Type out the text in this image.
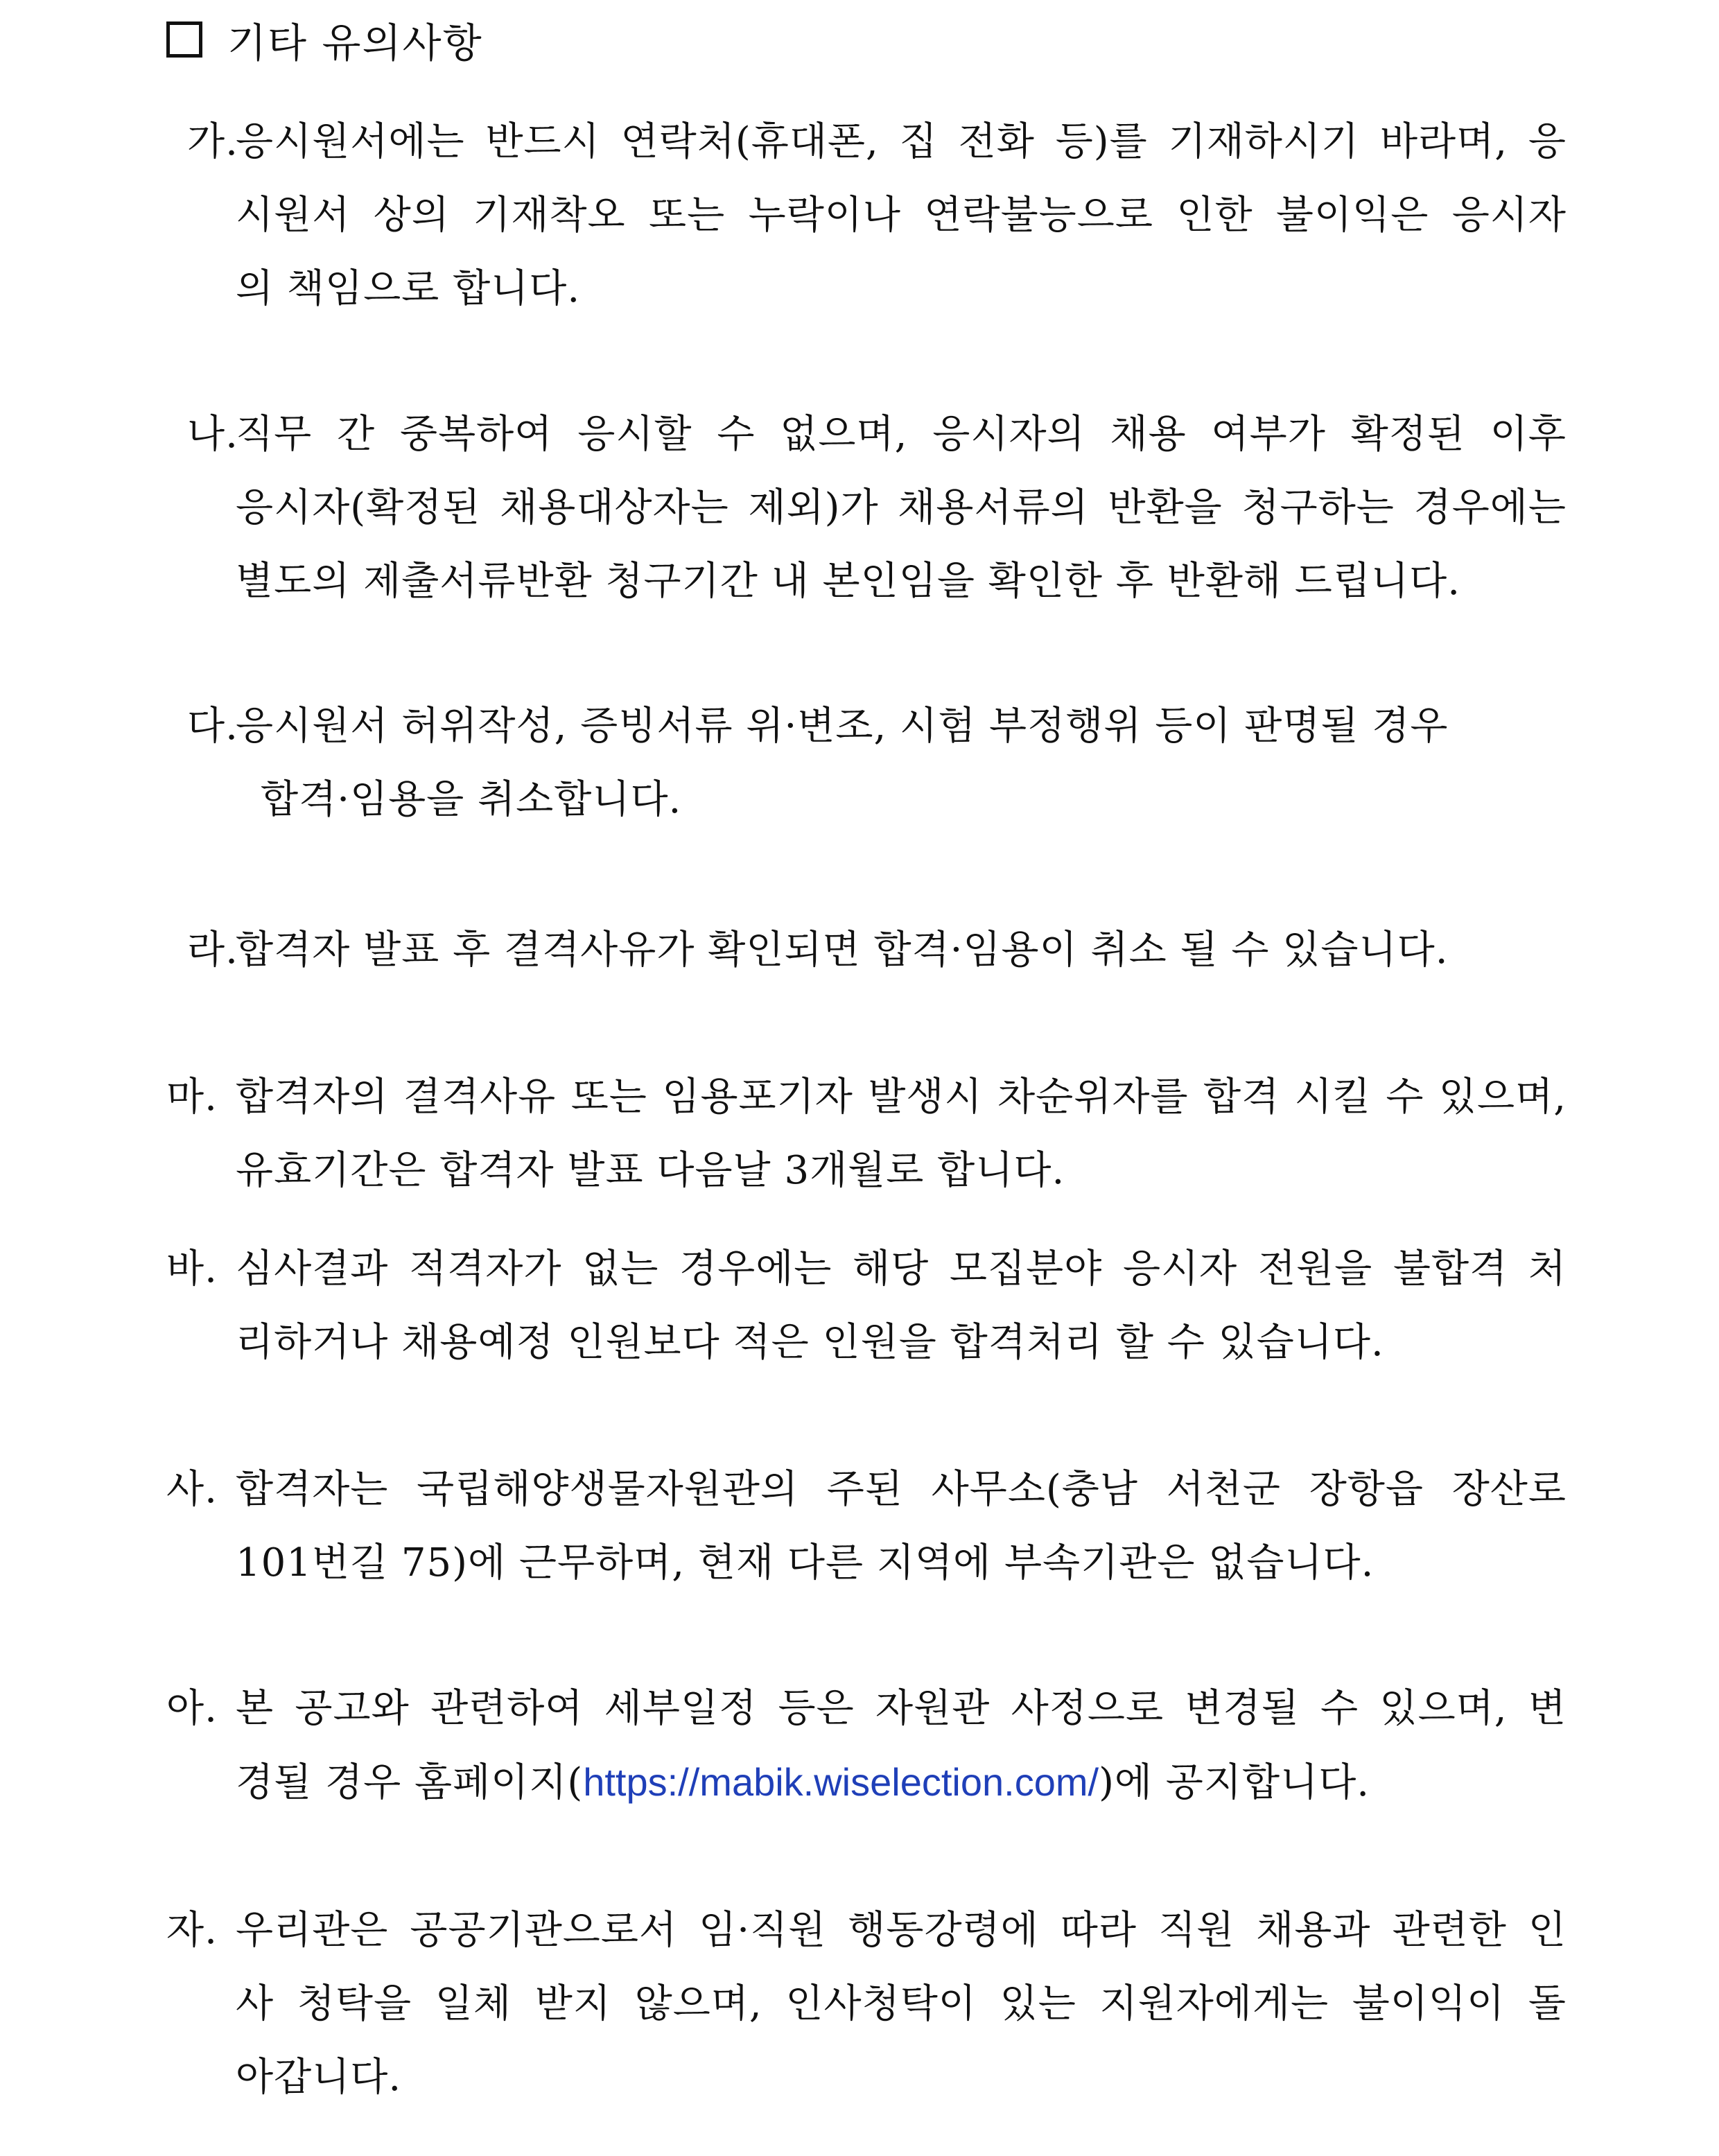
기타 유의사항
가.
응시원서에는 반드시 연락처(휴대폰, 집 전화 등)를 기재하시기 바라며, 응
시원서 상의 기재착오 또는 누락이나 연락불능으로 인한 불이익은 응시자
의 책임으로 합니다.
나.
직무 간 중복하여 응시할 수 없으며, 응시자의 채용 여부가 확정된 이후
응시자(확정된 채용대상자는 제외)가 채용서류의 반환을 청구하는 경우에는
별도의 제출서류반환 청구기간 내 본인임을 확인한 후 반환해 드립니다.
다.
응시원서 허위작성, 증빙서류 위·변조, 시험 부정행위 등이 판명될 경우
합격·임용을 취소합니다.
라.
합격자 발표 후 결격사유가 확인되면 합격·임용이 취소 될 수 있습니다.
마. 합격자의 결격사유 또는 임용포기자 발생시 차순위자를 합격 시킬 수 있으며,
유효기간은 합격자 발표 다음날 3개월로 합니다.
바. 심사결과 적격자가 없는 경우에는 해당 모집분야 응시자 전원을 불합격 처
리하거나 채용예정 인원보다 적은 인원을 합격처리 할 수 있습니다.
사. 합격자는 국립해양생물자원관의 주된 사무소(충남 서천군 장항읍 장산로
101번길 75)에 근무하며, 현재 다른 지역에 부속기관은 없습니다.
아. 본 공고와 관련하여 세부일정 등은 자원관 사정으로 변경될 수 있으며, 변
경될 경우 홈페이지(https://mabik.wiselection.com/)에 공지합니다.
자. 우리관은 공공기관으로서 임·직원 행동강령에 따라 직원 채용과 관련한 인
사 청탁을 일체 받지 않으며, 인사청탁이 있는 지원자에게는 불이익이 돌
아갑니다.
